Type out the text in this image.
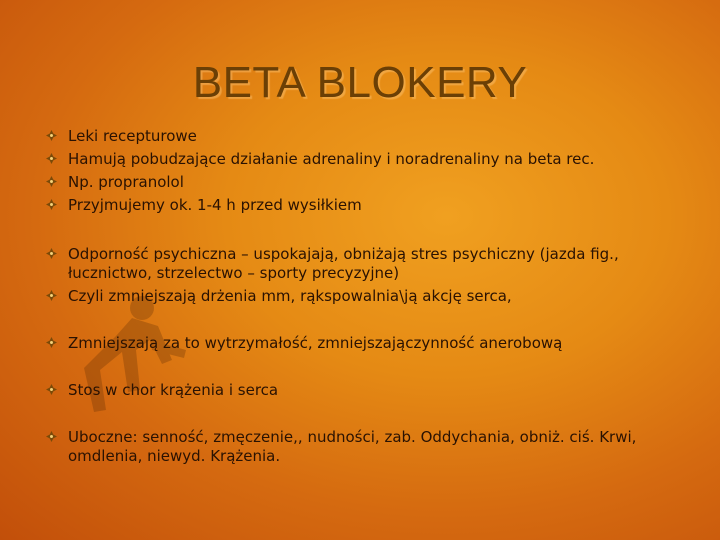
BETA BLOKERY
Leki recepturowe
Hamują pobudzające działanie adrenaliny i noradrenaliny na beta rec.
Np. propranolol
Przyjmujemy ok. 1-4 h przed wysiłkiem
Odporność psychiczna – uspokajają, obniżają stres psychiczny (jazda fig., łucznictwo, strzelectwo – sporty precyzyjne)
Czyli zmniejszają drżenia mm, rąkspowalnia\ją akcję serca,
Zmniejszają za to wytrzymałość, zmniejszajączynność anerobową
Stos w chor krążenia i serca
Uboczne: senność, zmęczenie,, nudności, zab. Oddychania, obniż. ciś. Krwi, omdlenia, niewyd. Krążenia.
